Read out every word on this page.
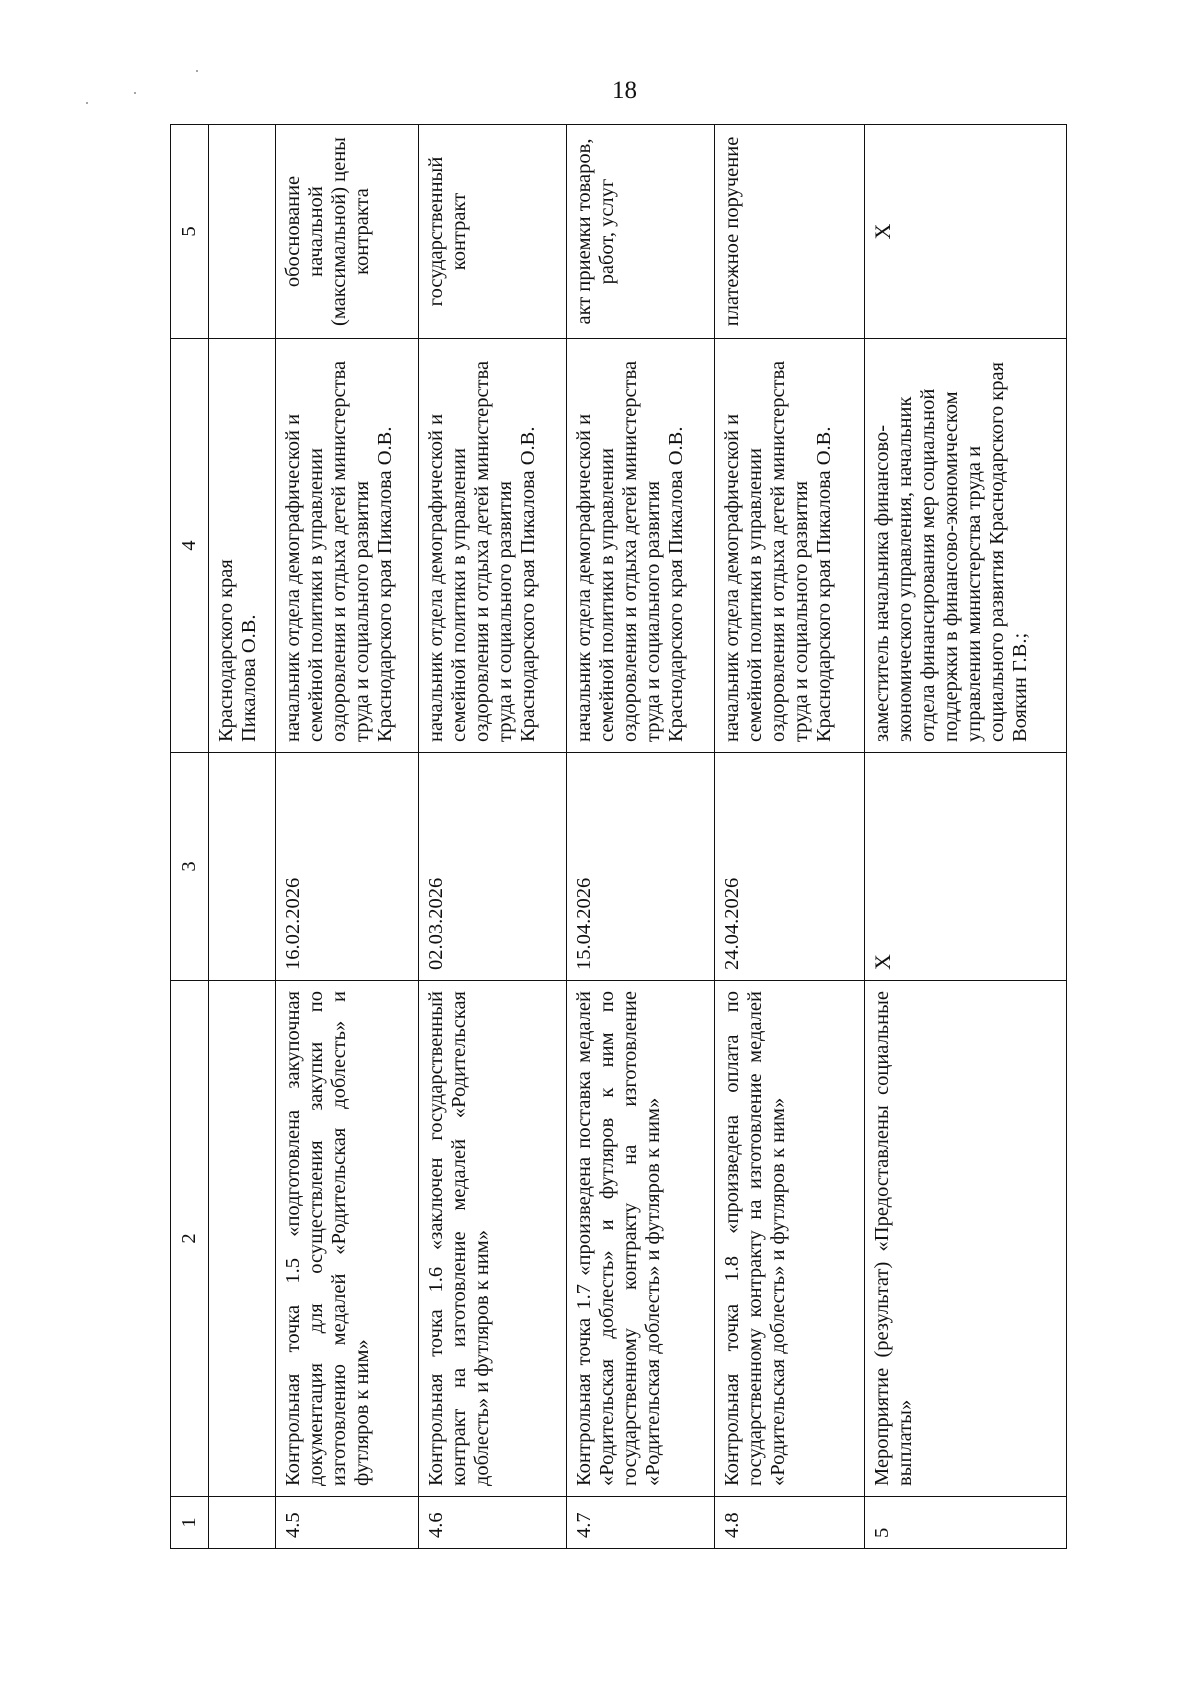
18
1	2	3	4	5

			Краснодарского края Пикалова О.В.	

4.5	Контрольная точка 1.5 «подготовлена закупочная документация для осуществления закупки по изготовлению медалей «Родительская доблесть» и футляров к ним»	16.02.2026	начальник отдела демографической и семейной политики в управлении оздоровления и отдыха детей министерства труда и социального развития Краснодарского края Пикалова О.В.	обоснование начальной (максимальной) цены контракта
4.6	Контрольная точка 1.6 «заключен государственный контракт на изготовление медалей «Родительская доблесть» и футляров к ним»	02.03.2026	начальник отдела демографической и семейной политики в управлении оздоровления и отдыха детей министерства труда и социального развития Краснодарского края Пикалова О.В.	государственный контракт
4.7	Контрольная точка 1.7 «произведена поставка медалей «Родительская доблесть» и футляров к ним по государственному контракту на изготовление «Родительская доблесть» и футляров к ним»	15.04.2026	начальник отдела демографической и семейной политики в управлении оздоровления и отдыха детей министерства труда и социального развития Краснодарского края Пикалова О.В.	акт приемки товаров, работ, услуг
4.8	Контрольная точка 1.8 «произведена оплата по государственному контракту на изготовление медалей «Родительская доблесть» и футляров к ним»	24.04.2026	начальник отдела демографической и семейной политики в управлении оздоровления и отдыха детей министерства труда и социального развития Краснодарского края Пикалова О.В.	платежное поручение
5	Мероприятие (результат) «Предоставлены социальные выплаты»	X	заместитель начальника финансово-экономического управления, начальник отдела финансирования мер социальной поддержки в финансово-экономическом управлении министерства труда и социального развития Краснодарского края Воякин Г.В.;	X
